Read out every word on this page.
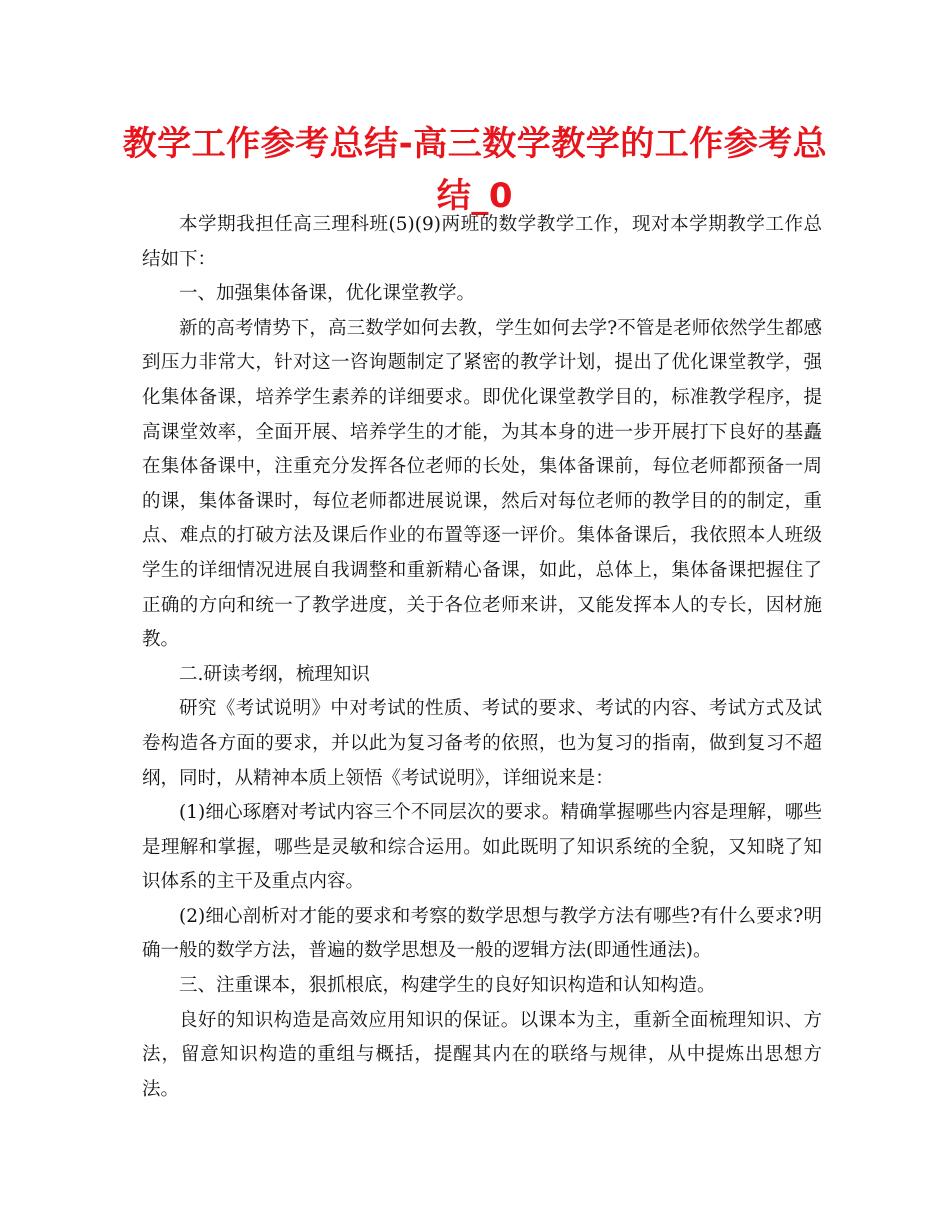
教学工作参考总结-高三数学教学的工作参考总结_0

本学期我担任高三理科班(5)(9)两班的数学教学工作，现对本学期教学工作总结如下：

一、加强集体备课，优化课堂教学。

新的高考情势下，高三数学如何去教，学生如何去学?不管是老师依然学生都感到压力非常大，针对这一咨询题制定了紧密的教学计划，提出了优化课堂教学，强化集体备课，培养学生素养的详细要求。即优化课堂教学目的，标准教学程序，提高课堂效率，全面开展、培养学生的才能，为其本身的进一步开展打下良好的基矗在集体备课中，注重充分发挥各位老师的长处，集体备课前，每位老师都预备一周的课，集体备课时，每位老师都进展说课，然后对每位老师的教学目的的制定，重点、难点的打破方法及课后作业的布置等逐一评价。集体备课后，我依照本人班级学生的详细情况进展自我调整和重新精心备课，如此，总体上，集体备课把握住了正确的方向和统一了教学进度，关于各位老师来讲，又能发挥本人的专长，因材施教。

二.研读考纲，梳理知识

研究《考试说明》中对考试的性质、考试的要求、考试的内容、考试方式及试卷构造各方面的要求，并以此为复习备考的依照，也为复习的指南，做到复习不超纲，同时，从精神本质上领悟《考试说明》，详细说来是：

(1)细心琢磨对考试内容三个不同层次的要求。精确掌握哪些内容是理解，哪些是理解和掌握，哪些是灵敏和综合运用。如此既明了知识系统的全貌，又知晓了知识体系的主干及重点内容。

(2)细心剖析对才能的要求和考察的数学思想与教学方法有哪些?有什么要求?明确一般的数学方法，普遍的数学思想及一般的逻辑方法(即通性通法)。

三、注重课本，狠抓根底，构建学生的良好知识构造和认知构造。

良好的知识构造是高效应用知识的保证。以课本为主，重新全面梳理知识、方法，留意知识构造的重组与概括，提醒其内在的联络与规律，从中提炼出思想方法。
